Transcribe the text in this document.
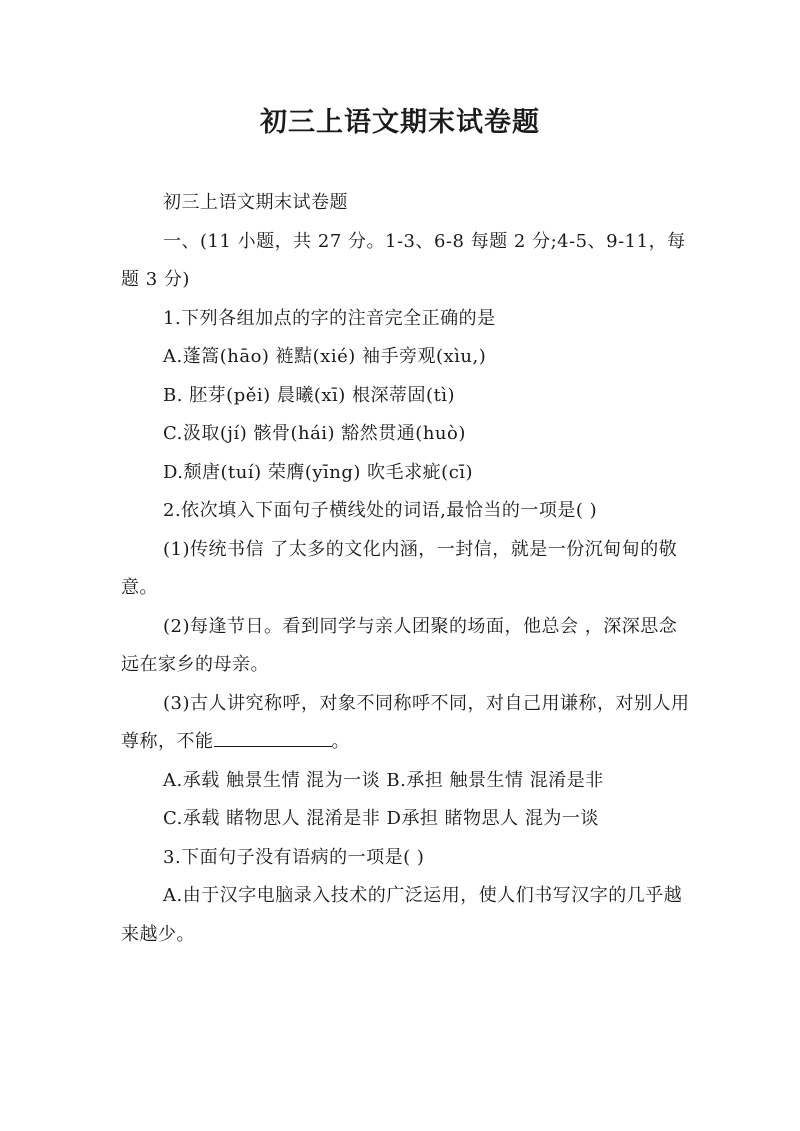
初三上语文期末试卷题

初三上语文期末试卷题

一、(11 小题，共 27 分。1-3、6-8 每题 2 分;4-5、9-11，每题 3 分)

1.下列各组加点的字的注音完全正确的是

A.蓬篙(hāo) 裢黠(xié) 袖手旁观(xìu,)

B. 胚芽(pěi) 晨曦(xī) 根深蒂固(tì)

C.汲取(jí) 骸骨(hái) 豁然贯通(huò)

D.颓唐(tuí) 荣膺(yīng) 吹毛求疵(cī)

2.依次填入下面句子横线处的词语,最恰当的一项是( )

(1)传统书信 了太多的文化内涵，一封信，就是一份沉甸甸的敬意。

(2)每逢节日。看到同学与亲人团聚的场面，他总会 ，深深思念远在家乡的母亲。

(3)古人讲究称呼，对象不同称呼不同，对自己用谦称，对别人用尊称，不能	。

A.承载 触景生情 混为一谈 B.承担 触景生情 混淆是非

C.承载 睹物思人 混淆是非 D承担 睹物思人 混为一谈

3.下面句子没有语病的一项是( )

A.由于汉字电脑录入技术的广泛运用，使人们书写汉字的几乎越来越少。
